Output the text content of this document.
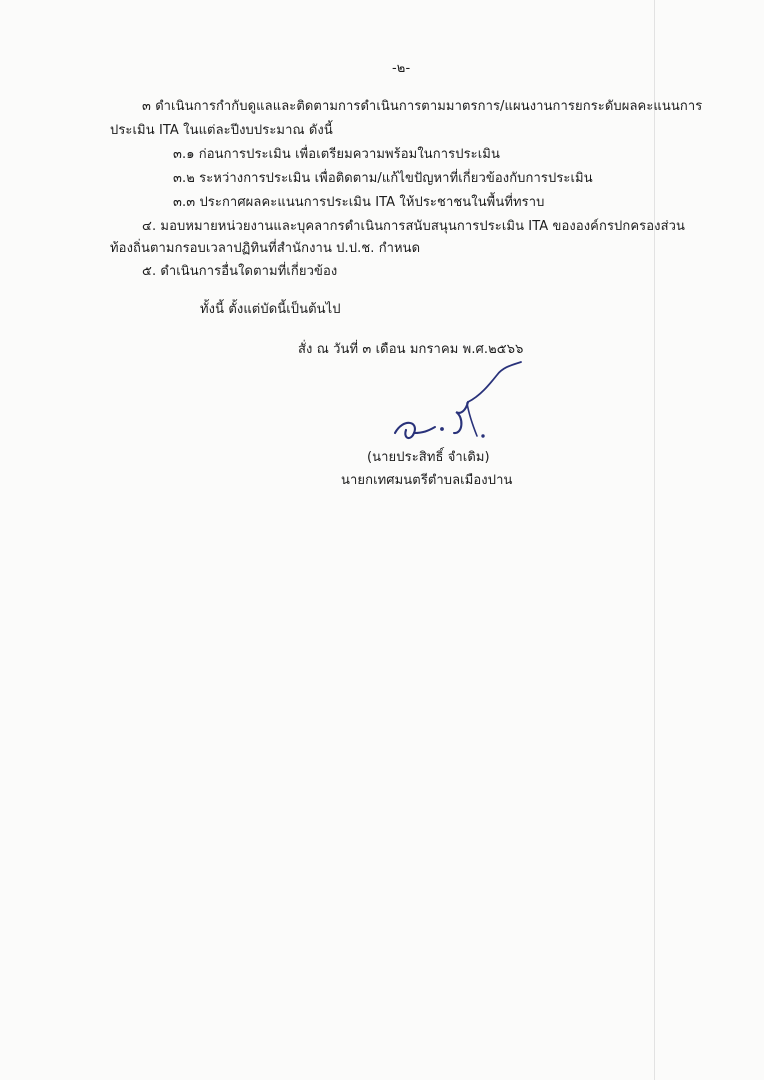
-๒-
๓ ดำเนินการกำกับดูแลและติดตามการดำเนินการตามมาตรการ/แผนงานการยกระดับผลคะแนนการ
ประเมิน ITA ในแต่ละปีงบประมาณ ดังนี้
๓.๑ ก่อนการประเมิน เพื่อเตรียมความพร้อมในการประเมิน
๓.๒ ระหว่างการประเมิน เพื่อติดตาม/แก้ไขปัญหาที่เกี่ยวข้องกับการประเมิน
๓.๓ ประกาศผลคะแนนการประเมิน ITA ให้ประชาชนในพื้นที่ทราบ
๔. มอบหมายหน่วยงานและบุคลากรดำเนินการสนับสนุนการประเมิน ITA ขององค์กรปกครองส่วน
ท้องถิ่นตามกรอบเวลาปฏิทินที่สำนักงาน ป.ป.ช. กำหนด
๕. ดำเนินการอื่นใดตามที่เกี่ยวข้อง
ทั้งนี้ ตั้งแต่บัดนี้เป็นต้นไป
สั่ง ณ วันที่ ๓ เดือน มกราคม พ.ศ.๒๕๖๖
(นายประสิทธิ์ จำเดิม)
นายกเทศมนตรีตำบลเมืองปาน
